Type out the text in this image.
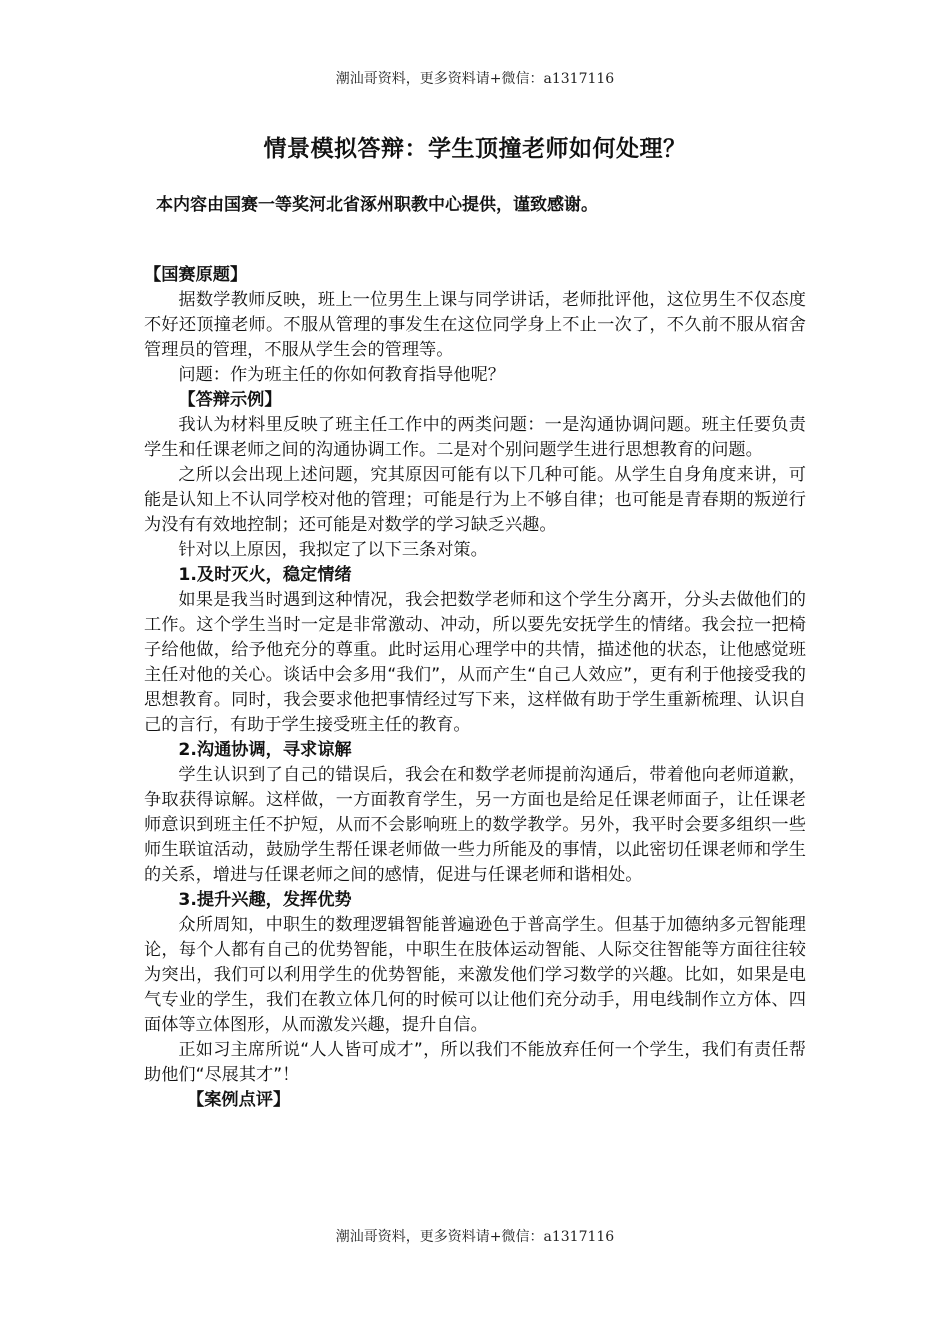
潮汕哥资料，更多资料请+微信：a1317116
情景模拟答辩：学生顶撞老师如何处理？
本内容由国赛一等奖河北省涿州职教中心提供，谨致感谢。

【国赛原题】

据数学教师反映，班上一位男生上课与同学讲话，老师批评他，这位男生不仅态度不好还顶撞老师。不服从管理的事发生在这位同学身上不止一次了，不久前不服从宿舍管理员的管理，不服从学生会的管理等。

问题：作为班主任的你如何教育指导他呢？

【答辩示例】

我认为材料里反映了班主任工作中的两类问题：一是沟通协调问题。班主任要负责学生和任课老师之间的沟通协调工作。二是对个别问题学生进行思想教育的问题。

之所以会出现上述问题，究其原因可能有以下几种可能。从学生自身角度来讲，可能是认知上不认同学校对他的管理；可能是行为上不够自律；也可能是青春期的叛逆行为没有有效地控制；还可能是对数学的学习缺乏兴趣。

针对以上原因，我拟定了以下三条对策。

1.及时灭火，稳定情绪

如果是我当时遇到这种情况，我会把数学老师和这个学生分离开，分头去做他们的工作。这个学生当时一定是非常激动、冲动，所以要先安抚学生的情绪。我会拉一把椅子给他做，给予他充分的尊重。此时运用心理学中的共情，描述他的状态，让他感觉班主任对他的关心。谈话中会多用“我们”，从而产生“自己人效应”，更有利于他接受我的思想教育。同时，我会要求他把事情经过写下来，这样做有助于学生重新梳理、认识自己的言行，有助于学生接受班主任的教育。

2.沟通协调，寻求谅解

学生认识到了自己的错误后，我会在和数学老师提前沟通后，带着他向老师道歉，争取获得谅解。这样做，一方面教育学生，另一方面也是给足任课老师面子，让任课老师意识到班主任不护短，从而不会影响班上的数学教学。另外，我平时会要多组织一些师生联谊活动，鼓励学生帮任课老师做一些力所能及的事情，以此密切任课老师和学生的关系，增进与任课老师之间的感情，促进与任课老师和谐相处。

3.提升兴趣，发挥优势

众所周知，中职生的数理逻辑智能普遍逊色于普高学生。但基于加德纳多元智能理论，每个人都有自己的优势智能，中职生在肢体运动智能、人际交往智能等方面往往较为突出，我们可以利用学生的优势智能，来激发他们学习数学的兴趣。比如，如果是电气专业的学生，我们在教立体几何的时候可以让他们充分动手，用电线制作立方体、四面体等立体图形，从而激发兴趣，提升自信。

正如习主席所说“人人皆可成才”，所以我们不能放弃任何一个学生，我们有责任帮助他们“尽展其才”！

【案例点评】

潮汕哥资料，更多资料请+微信：a1317116
